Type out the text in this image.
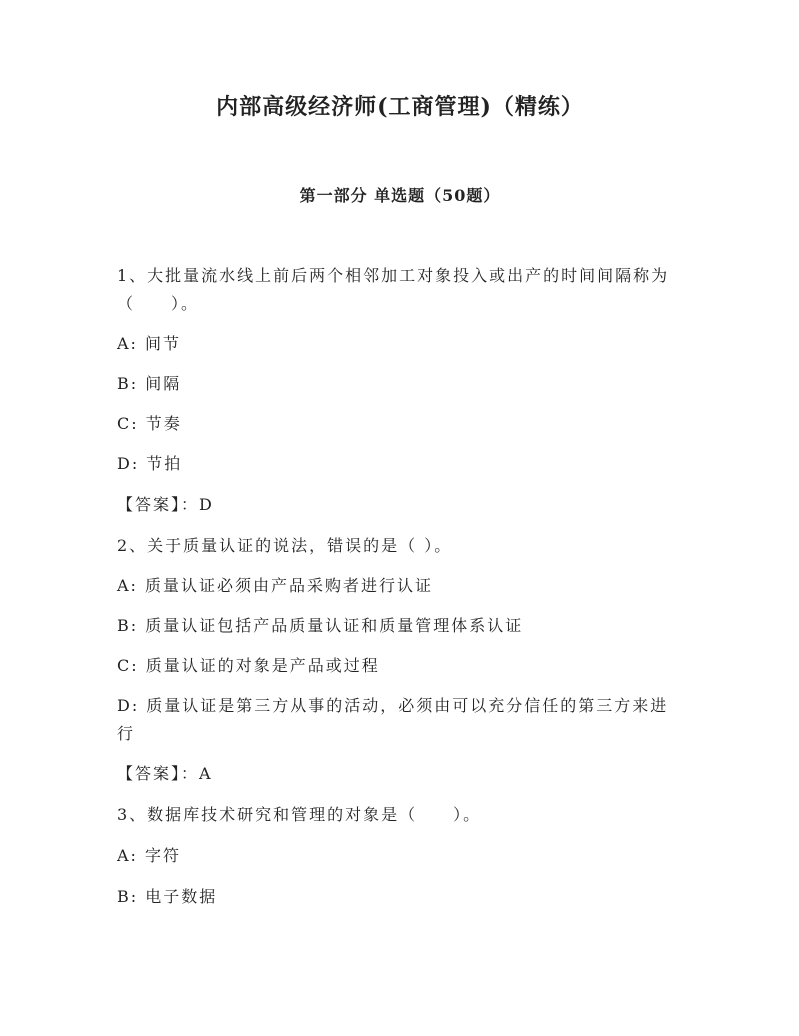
内部高级经济师(工商管理)（精练）
第一部分 单选题（50题）
1、大批量流水线上前后两个相邻加工对象投入或出产的时间间隔称为
（　　）。
A: 间节
B: 间隔
C: 节奏
D: 节拍
【答案】：D
2、关于质量认证的说法，错误的是（ ）。
A: 质量认证必须由产品采购者进行认证
B: 质量认证包括产品质量认证和质量管理体系认证
C: 质量认证的对象是产品或过程
D: 质量认证是第三方从事的活动，必须由可以充分信任的第三方来进
行
【答案】：A
3、数据库技术研究和管理的对象是（　　）。
A: 字符
B: 电子数据
